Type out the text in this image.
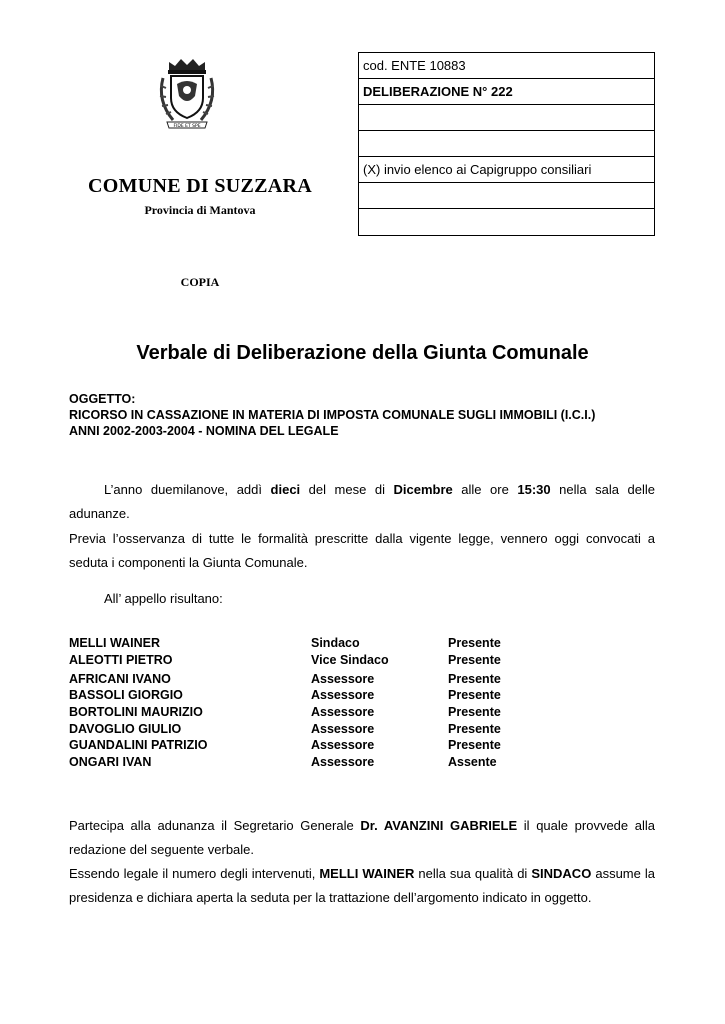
FIDE ET SPE
COMUNE DI SUZZARA
Provincia di Mantova
COPIA
cod. ENTE 10883
DELIBERAZIONE N° 222
(X) invio elenco ai Capigruppo consiliari
Verbale di Deliberazione della Giunta Comunale
OGGETTO:
RICORSO IN CASSAZIONE IN MATERIA DI IMPOSTA COMUNALE SUGLI IMMOBILI (I.C.I.)
ANNI 2002-2003-2004 - NOMINA DEL LEGALE
L’anno duemilanove, addì dieci del mese di Dicembre alle ore 15:30 nella sala delle adunanze.
Previa l’osservanza di tutte le formalità prescritte dalla vigente legge, vennero oggi convocati a seduta i componenti la Giunta Comunale.
All’ appello risultano:
MELLI WAINER	Sindaco	Presente
ALEOTTI PIETRO	Vice Sindaco	Presente
AFRICANI IVANO	Assessore	Presente
BASSOLI GIORGIO	Assessore	Presente
BORTOLINI MAURIZIO	Assessore	Presente
DAVOGLIO GIULIO	Assessore	Presente
GUANDALINI PATRIZIO	Assessore	Presente
ONGARI IVAN	Assessore	Assente
Partecipa alla adunanza il Segretario Generale Dr. AVANZINI GABRIELE il quale provvede alla redazione del seguente verbale.
Essendo legale il numero degli intervenuti, MELLI WAINER nella sua qualità di SINDACO assume la presidenza e dichiara aperta la seduta per la trattazione dell’argomento indicato in oggetto.
